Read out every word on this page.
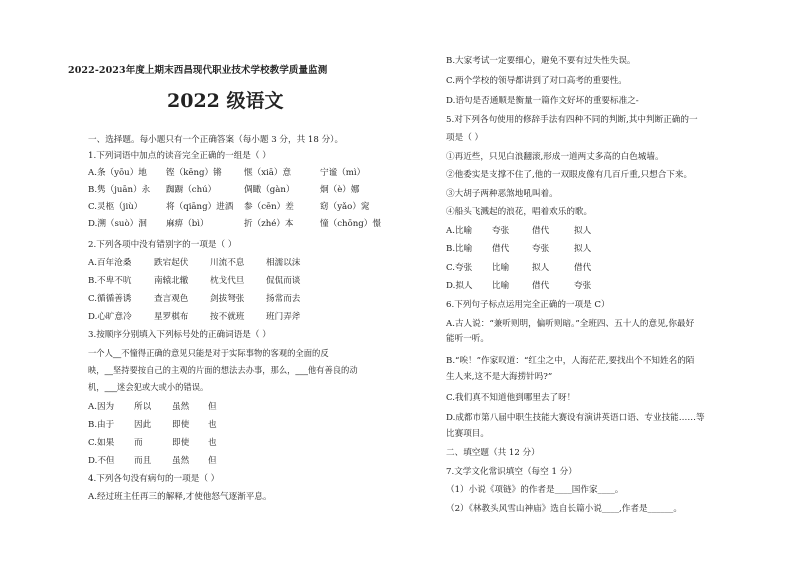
2022-2023年度上期末西昌现代职业技术学校教学质量监测
2022 级语文
一、选择题。每小题只有一个正确答案（每小题 3 分，共 18 分）。
1.下列词语中加点的读音完全正确的一组是（ ）
A.条（yōu）地 铿（kēng）锵	惬（xiā）意	宁谧（mì）
B.隽（juān）永 踟蹰（chú）	倜瞰（gàn）	炯（è）娜
C.灵柩（jiù）	将（qiāng）进酒 参（cēn）差	窈（yǎo）窕
D.溯（suò）洄 麻痹（bì）	折（zhé）本	憧（chōng）憬
2.下列各项中没有错别字的一项是（ ）
A.百年沧桑	跌宕起伏	川流不息	相濡以沫
B.不卑不吭	南辕北辙	枕戈代旦	侃侃而谈
C.循循善诱	查言观色	剑拔弩张	扬常而去
D.心旷意冷	星罗棋布	按不就班	班门弄斧
3.按顺序分别填入下列标号处的正确词语是（ ）
一个人__不憧得正确的意见只能是对于实际事物的客观的全面的反
映，__坚持要按自己的主观的片面的想法去办事，那么，___他有善良的动
机，___迷会犯或大或小的错误。
A.因为 所以 虽然 但
B.由于 因此 即使 也
C.如果 而	即使 也
D.不但 而且 虽然 但
4.下列各句没有病句的一项是（ ）
A.经过班主任再三的解释,才使他怒气逐渐平息。
B.大家考试一定要细心，避免不要有过失性失误。
C.两个学校的领导都讲到了对口高考的重要性。
D.语句是否通顺是衡量一篇作文好坏的重要标准之-
5.对下列各句使用的修辞手法有四种不同的判断,其中判断正确的一
项是（ ）
①再近些，只见白浪翻滚,形成一道两丈多高的白色城墙。
②他委实是支撑不住了,他的一双眼皮像有几百斤重,只想合下来。
③大胡子两种恶煞地吼叫着。
④船头飞溅起的浪花，唱着欢乐的歌。
A.比喻 夸张	借代	拟人
B.比喻 借代	夸张	拟人
C.夸张 比喻	拟人	借代
D.拟人 比喻	借代	夸张
6.下列句子标点运用完全正确的一项是 C）
A.古人说：“兼听则明，偏听则暗。”全班四、五十人的意见,你最好
能听一听。
B.“唉！”作家叹道：“红尘之中，人海茫茫,要找出个不知姓名的陌
生人来,这不是大海捞针吗?”
C.我们真不知道他到哪里去了呀！
D.成都市第八届中职生技能大赛设有演讲英语口语、专业技能……等
比赛项目。
二、填空题（共 12 分）
7.文学文化常识填空（每空 1 分）
（1）小说《项链》的作者是____国作家____。
（2）《林教头风雪山神庙》选自长篇小说____,作者是______。
